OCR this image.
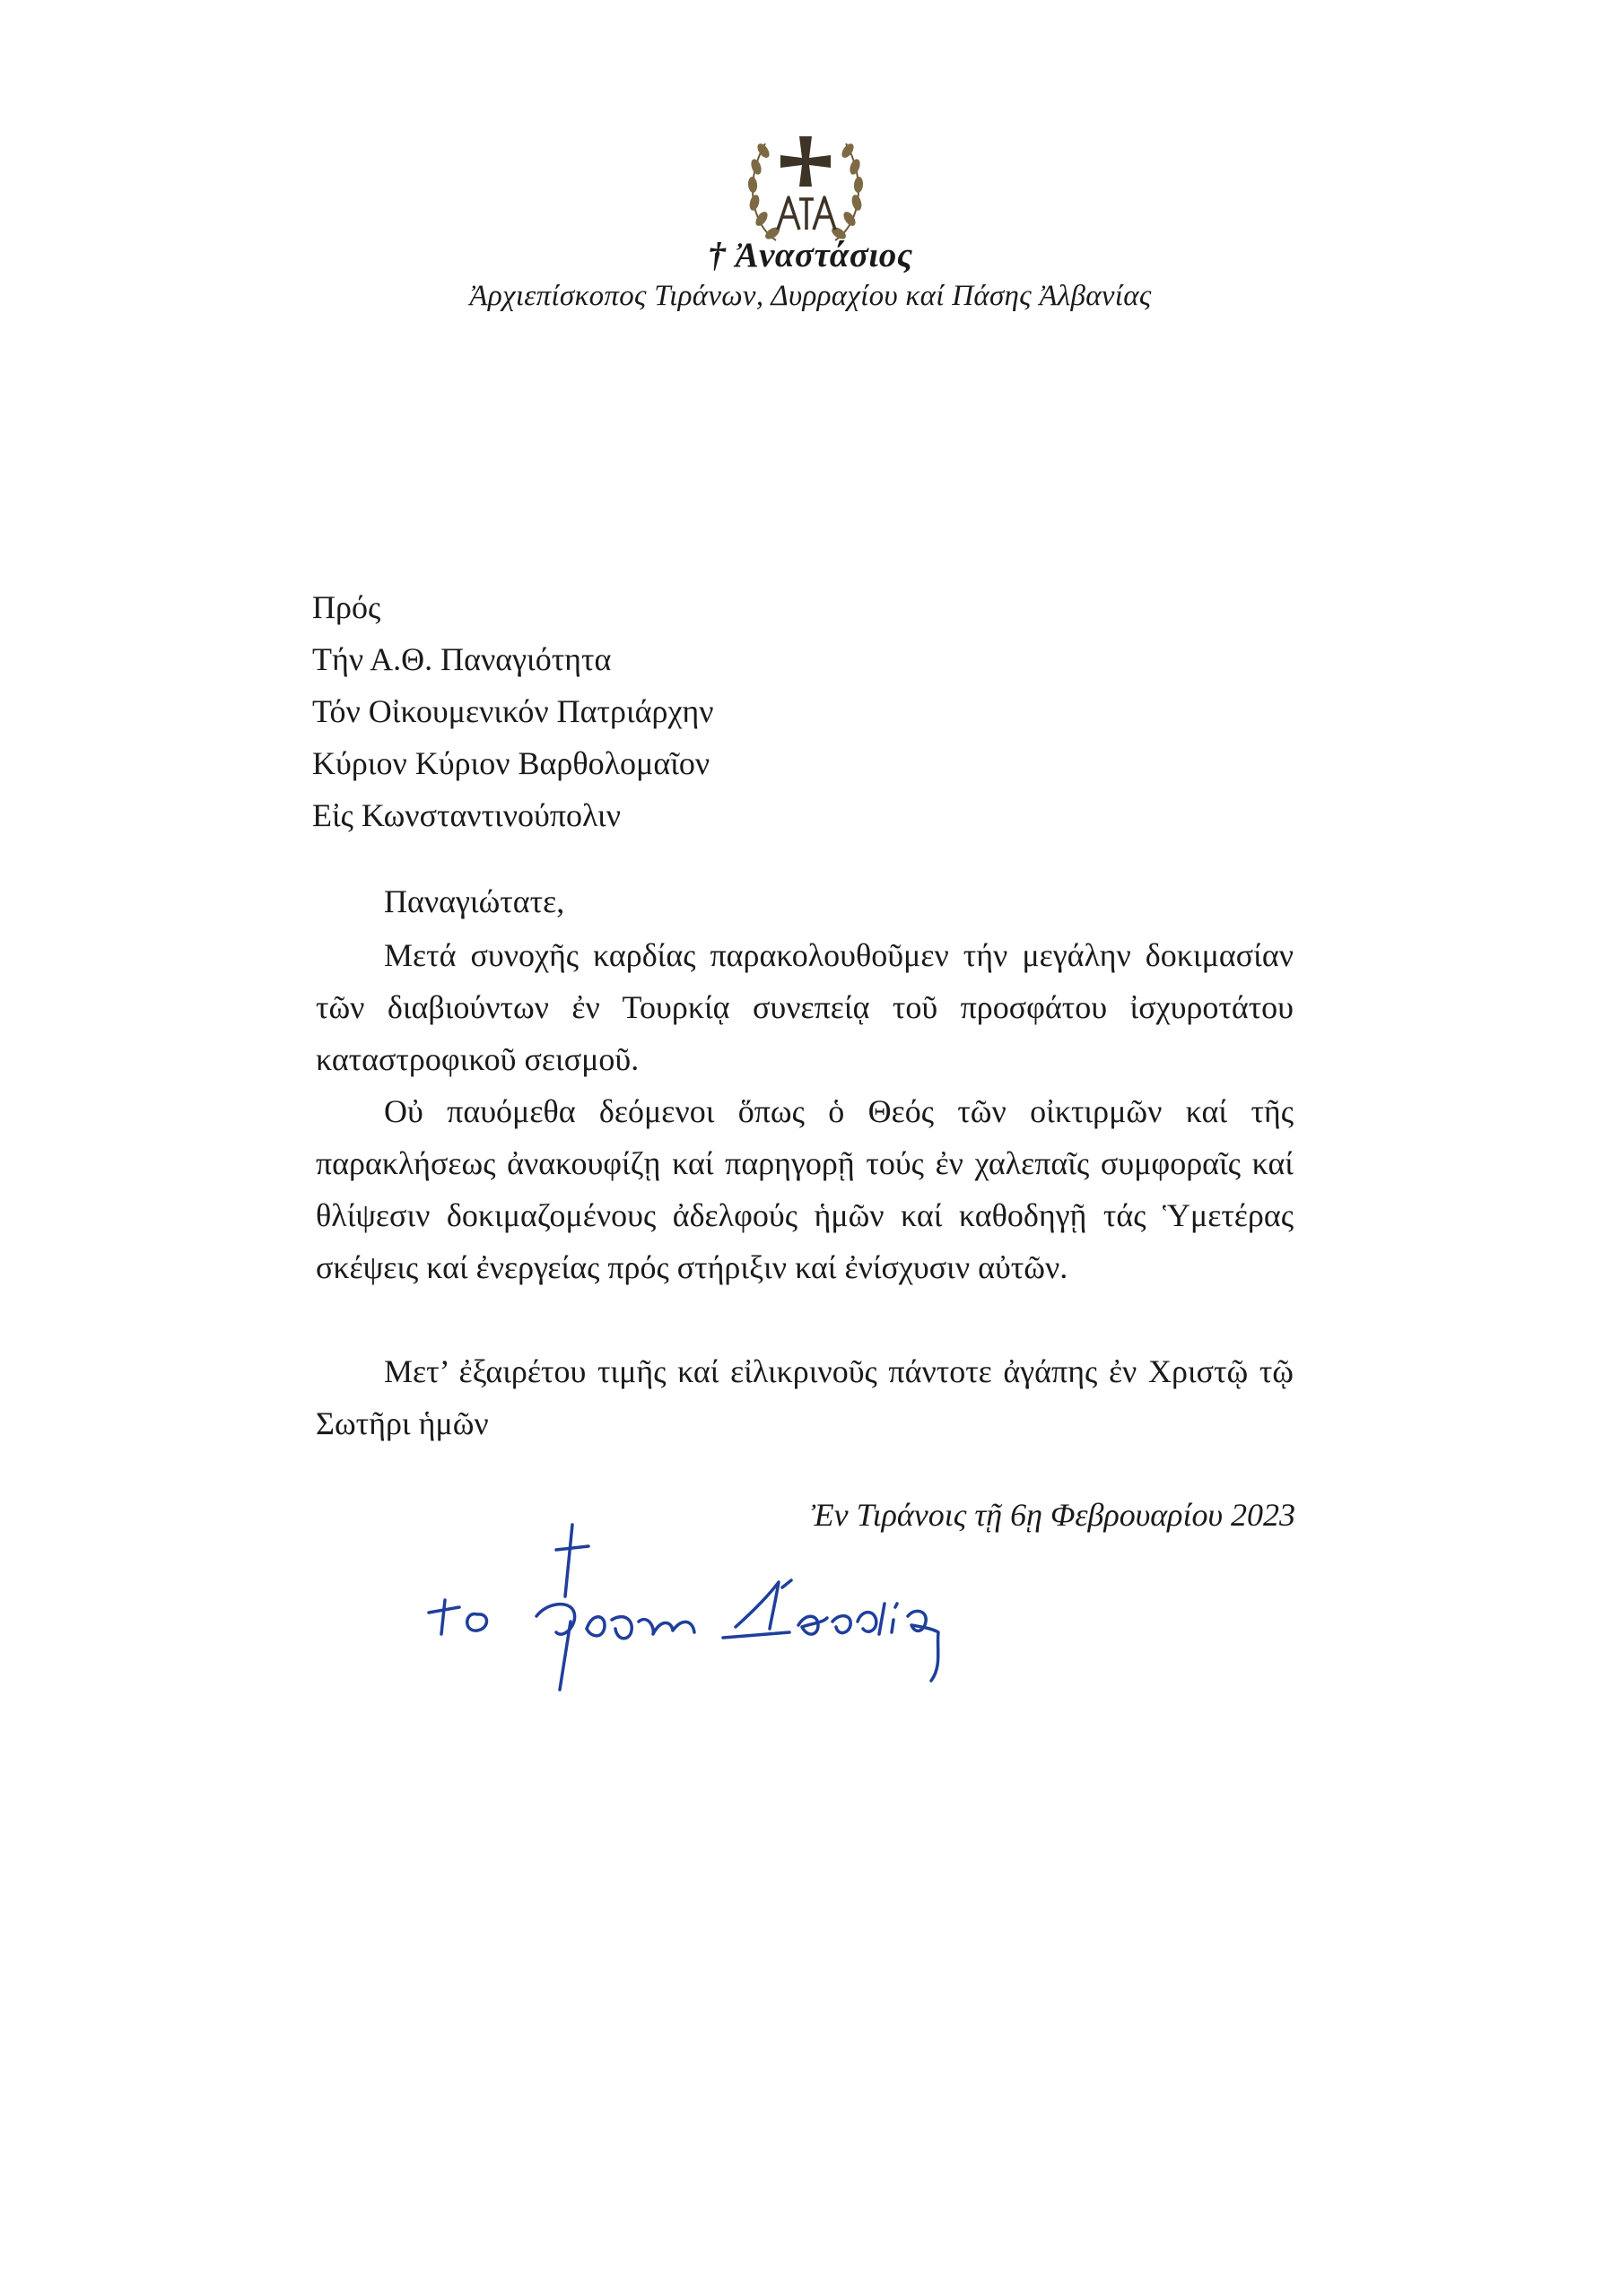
† Ἀναστάσιος
Ἀρχιεπίσκοπος Τιράνων, Δυρραχίου καί Πάσης Ἀλβανίας
Πρός
Τήν Α.Θ. Παναγιότητα
Τόν Οἰκουμενικόν Πατριάρχην
Κύριον Κύριον Βαρθολομαῖον
Εἰς Κωνσταντινούπολιν
Παναγιώτατε,
Μετά συνοχῆς καρδίας παρακολουθοῦμεν τήν μεγάλην δοκιμασίαν τῶν διαβιούντων ἐν Τουρκίᾳ συνεπείᾳ τοῦ προσφάτου ἰσχυροτάτου καταστροφικοῦ σεισμοῦ.
Οὐ παυόμεθα δεόμενοι ὅπως ὁ Θεός τῶν οἰκτιρμῶν καί τῆς παρακλήσεως ἀνακουφίζῃ καί παρηγορῇ τούς ἐν χαλεπαῖς συμφοραῖς καί θλίψεσιν δοκιμαζομένους ἀδελφούς ἡμῶν καί καθοδηγῇ τάς Ὑμετέρας σκέψεις καί ἐνεργείας πρός στήριξιν καί ἐνίσχυσιν αὐτῶν.
Μετ’ ἐξαιρέτου τιμῆς καί εἰλικρινοῦς πάντοτε ἀγάπης ἐν Χριστῷ τῷ Σωτῆρι ἡμῶν
Ἐν Τιράνοις τῇ 6ῃ Φεβρουαρίου 2023
